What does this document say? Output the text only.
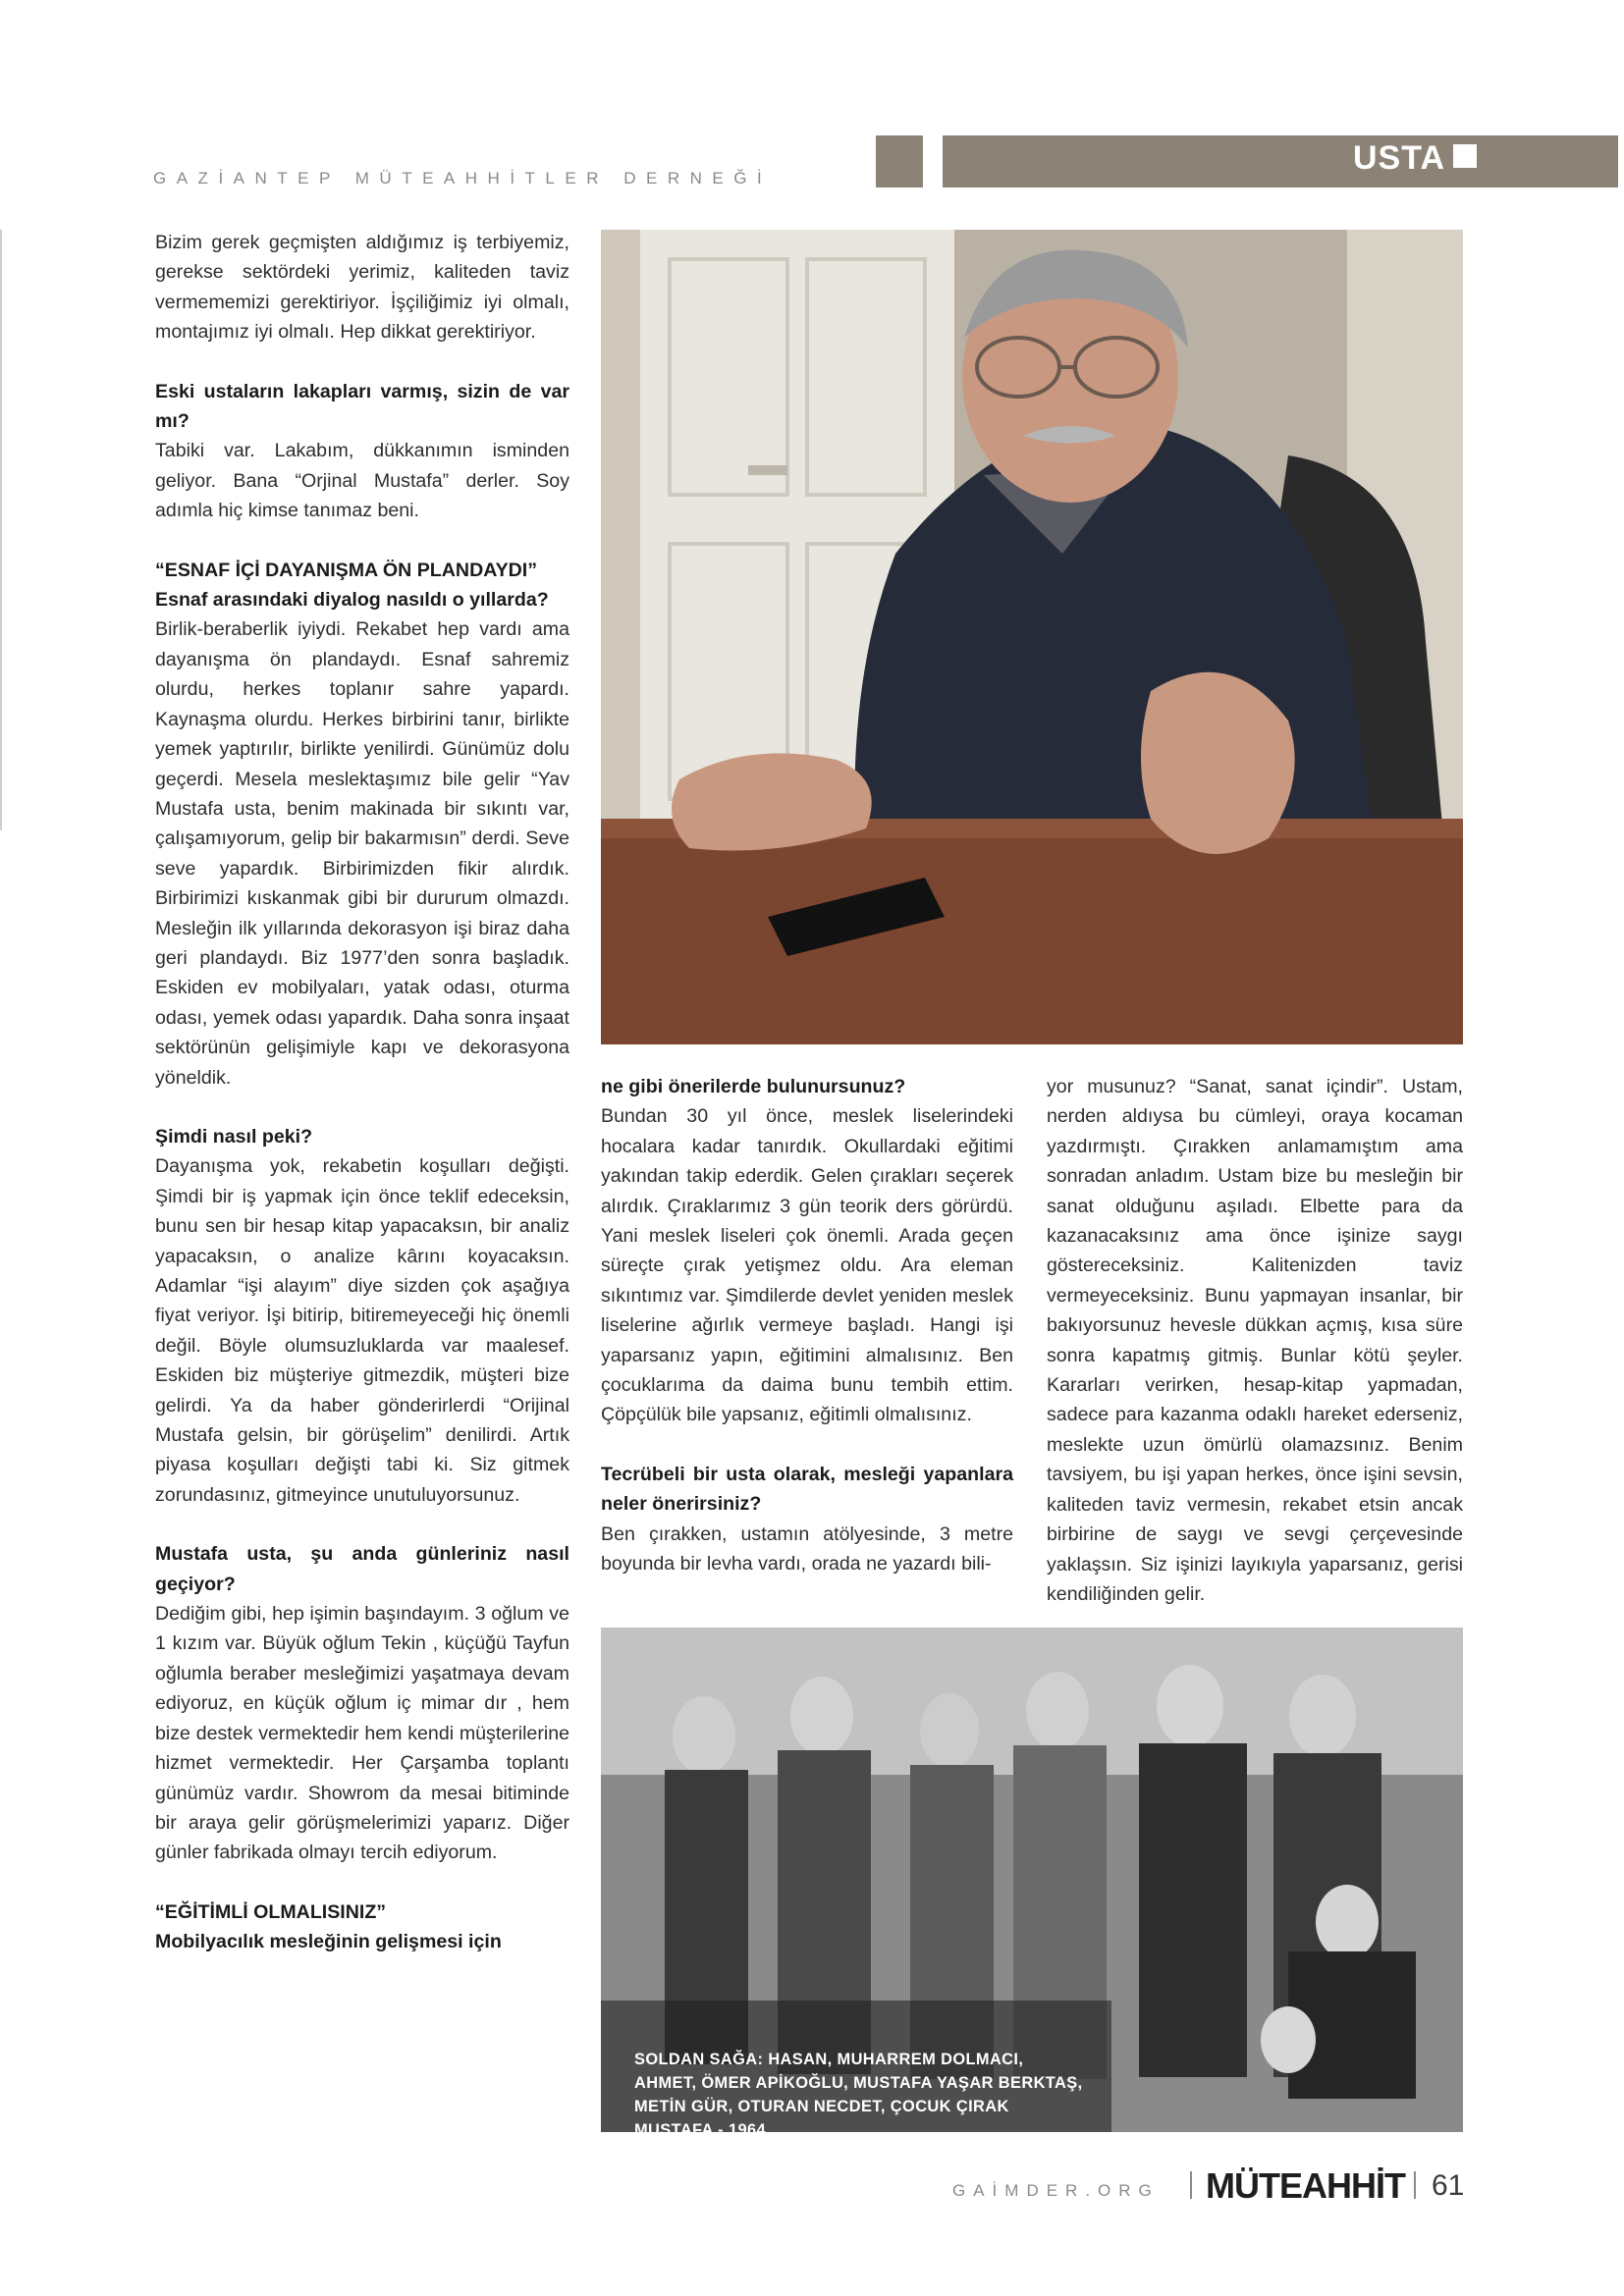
GAZİANTEP MÜTEAHHİTLER DERNEĞİ
USTA

Bizim gerek geçmişten aldığımız iş terbiyemiz, gerekse sektördeki yerimiz, kaliteden taviz vermememizi gerektiriyor. İşçiliğimiz iyi olmalı, montajımız iyi olmalı. Hep dikkat gerektiriyor.

Eski ustaların lakapları varmış, sizin de var mı?

Tabiki var. Lakabım, dükkanımın isminden geliyor. Bana “Orjinal Mustafa” derler. Soy adımla hiç kimse tanımaz beni.

“ESNAF İÇİ DAYANIŞMA ÖN PLANDAYDI”

Esnaf arasındaki diyalog nasıldı o yıllarda?

Birlik-beraberlik iyiydi. Rekabet hep vardı ama dayanışma ön plandaydı. Esnaf sahremiz olurdu, herkes toplanır sahre yapardı. Kaynaşma olurdu. Herkes birbirini tanır, birlikte yemek yaptırılır, birlikte yenilirdi. Günümüz dolu geçerdi. Mesela meslektaşımız bile gelir “Yav Mustafa usta, benim makinada bir sıkıntı var, çalışamıyorum, gelip bir bakarmısın” derdi. Seve seve yapardık. Birbirimizden fikir alırdık. Birbirimizi kıskanmak gibi bir dururum olmazdı. Mesleğin ilk yıllarında dekorasyon işi biraz daha geri plandaydı. Biz 1977’den sonra başladık. Eskiden ev mobilyaları, yatak odası, oturma odası, yemek odası yapardık. Daha sonra inşaat sektörünün gelişimiyle kapı ve dekorasyona yöneldik.

Şimdi nasıl peki?

Dayanışma yok, rekabetin koşulları değişti. Şimdi bir iş yapmak için önce teklif edeceksin, bunu sen bir hesap kitap yapacaksın, bir analiz yapacaksın, o analize kârını koyacaksın. Adamlar “işi alayım” diye sizden çok aşağıya fiyat veriyor. İşi bitirip, bitiremeyeceği hiç önemli değil. Böyle olumsuzluklarda var maalesef. Eskiden biz müşteriye gitmezdik, müşteri bize gelirdi. Ya da haber gönderirlerdi “Orijinal Mustafa gelsin, bir görüşelim” denilirdi. Artık piyasa koşulları değişti tabi ki. Siz gitmek zorundasınız, gitmeyince unutuluyorsunuz.

Mustafa usta, şu anda günleriniz nasıl geçiyor?

Dediğim gibi, hep işimin başındayım. 3 oğlum ve 1 kızım var. Büyük oğlum Tekin , küçüğü Tayfun oğlumla beraber mesleğimizi yaşatmaya devam ediyoruz, en küçük oğlum iç mimar dır , hem bize destek vermektedir hem kendi müşterilerine hizmet vermektedir. Her Çarşamba toplantı günümüz vardır. Showrom da mesai bitiminde bir araya gelir görüşmelerimizi yaparız. Diğer günler fabrikada olmayı tercih ediyorum.

“EĞİTİMLİ OLMALISINIZ”

Mobilyacılık mesleğinin gelişmesi için

ne gibi önerilerde bulunursunuz?

Bundan 30 yıl önce, meslek liselerindeki hocalara kadar tanırdık. Okullardaki eğitimi yakından takip ederdik. Gelen çırakları seçerek alırdık. Çıraklarımız 3 gün teorik ders görürdü. Yani meslek liseleri çok önemli. Arada geçen süreçte çırak yetişmez oldu. Ara eleman sıkıntımız var. Şimdilerde devlet yeniden meslek liselerine ağırlık vermeye başladı. Hangi işi yaparsanız yapın, eğitimini almalısınız. Ben çocuklarıma da daima bunu tembih ettim. Çöpçülük bile yapsanız, eğitimli olmalısınız.

Tecrübeli bir usta olarak, mesleği yapanlara neler önerirsiniz?

Ben çırakken, ustamın atölyesinde, 3 metre boyunda bir levha vardı, orada ne yazardı bili-

yor musunuz? “Sanat, sanat içindir”. Ustam, nerden aldıysa bu cümleyi, oraya kocaman yazdırmıştı. Çırakken anlamamıştım ama sonradan anladım. Ustam bize bu mesleğin bir sanat olduğunu aşıladı. Elbette para da kazanacaksınız ama önce işinize saygı göstereceksiniz. Kalitenizden taviz vermeyeceksiniz. Bunu yapmayan insanlar, bir bakıyorsunuz hevesle dükkan açmış, kısa süre sonra kapatmış gitmiş. Bunlar kötü şeyler. Kararları verirken, hesap-kitap yapmadan, sadece para kazanma odaklı hareket ederseniz, meslekte uzun ömürlü olamazsınız. Benim tavsiyem, bu işi yapan herkes, önce işini sevsin, kaliteden taviz vermesin, rekabet etsin ancak birbirine de saygı ve sevgi çerçevesinde yaklaşsın. Siz işinizi layıkıyla yaparsanız, gerisi kendiliğinden gelir.

SOLDAN SAĞA: HASAN, MUHARREM DOLMACI, AHMET, ÖMER APİKOĞLU, MUSTAFA YAŞAR BERKTAŞ, METİN GÜR, OTURAN NECDET, ÇOCUK ÇIRAK MUSTAFA - 1964
GAİMDER.ORG MÜTEAHHİT 61
